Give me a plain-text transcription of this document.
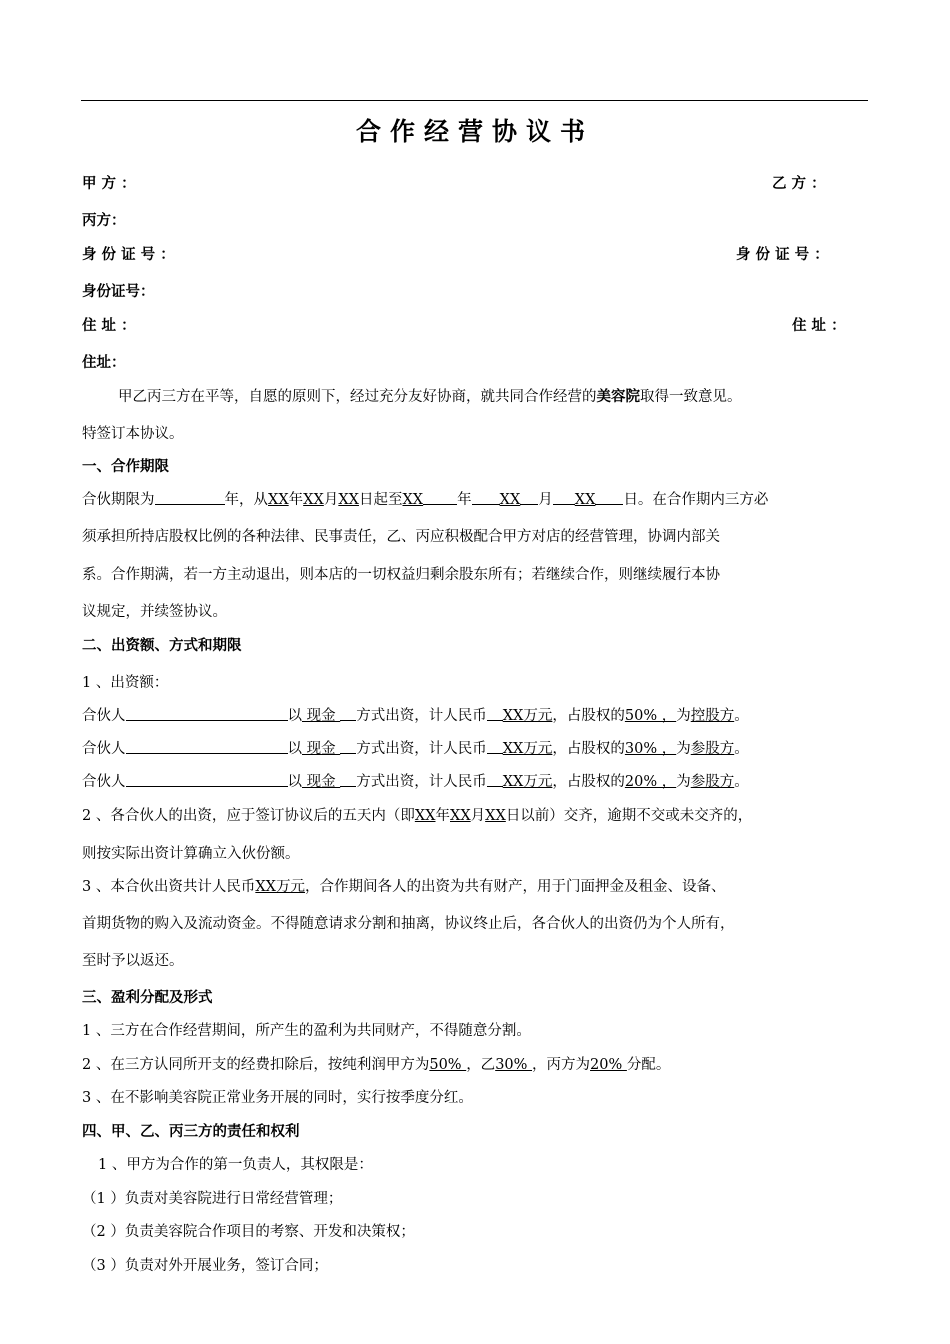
合作经营协议书
甲 方 ：	乙 方 ：
丙方：
身 份 证 号 ：	身 份 证 号 ：
身份证号：
住 址 ：	住 址 ：
住址：
甲乙丙三方在平等，自愿的原则下，经过充分友好协商，就共同合作经营的美容院取得一致意见。
特签订本协议。
一、合作期限
合伙期限为	年，从XX年XX月XX日起至XX 年 XX 月 XX 日。在合作期内三方必
须承担所持店股权比例的各种法律、民事责任，乙、丙应积极配合甲方对店的经营管理，协调内部关
系。合作期满，若一方主动退出，则本店的一切权益归剩余股东所有；若继续合作，则继续履行本协
议规定，并续签协议。
二、出资额、方式和期限
1 、出资额：
合伙人	以 现金 方式出资，计人民币 XX万元，占股权的50% ，为控股方。
合伙人	以 现金 方式出资，计人民币 XX万元，占股权的30% ，为参股方。
合伙人	以 现金 方式出资，计人民币 XX万元，占股权的20% ，为参股方。
2 、各合伙人的出资，应于签订协议后的五天内（即XX年XX月XX日以前）交齐，逾期不交或未交齐的，
则按实际出资计算确立入伙份额。
3 、本合伙出资共计人民币XX万元，合作期间各人的出资为共有财产，用于门面押金及租金、设备、
首期货物的购入及流动资金。不得随意请求分割和抽离，协议终止后，各合伙人的出资仍为个人所有，
至时予以返还。
三、盈利分配及形式
1 、三方在合作经营期间，所产生的盈利为共同财产，不得随意分割。
2 、在三方认同所开支的经费扣除后，按纯利润甲方为50% ，乙30% ，丙方为20% 分配。
3 、在不影响美容院正常业务开展的同时，实行按季度分红。
四、甲、乙、丙三方的责任和权利
1 、甲方为合作的第一负责人，其权限是：
（1 ）负责对美容院进行日常经营管理；
（2 ）负责美容院合作项目的考察、开发和决策权；
（3 ）负责对外开展业务，签订合同；
